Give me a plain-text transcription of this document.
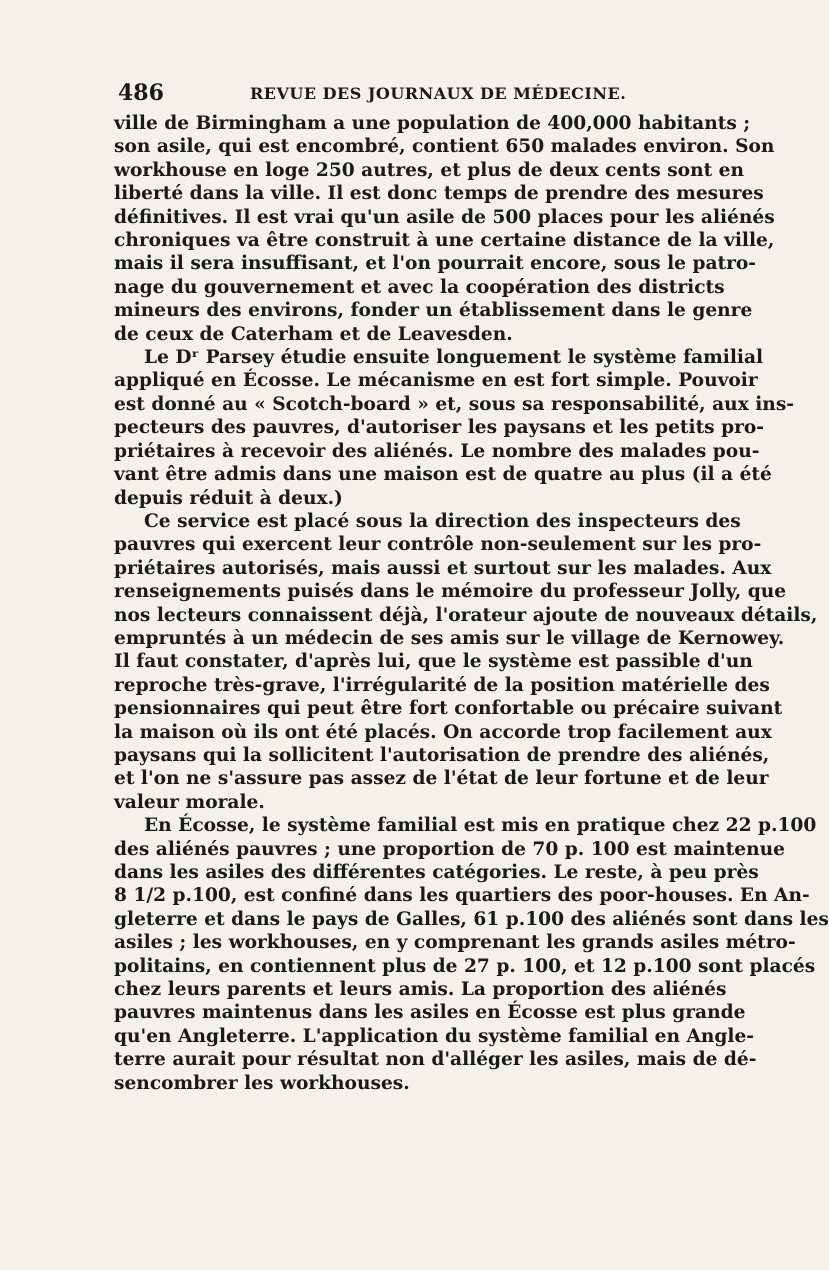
486	REVUE DES JOURNAUX DE MÉDECINE.

ville de Birmingham a une population de 400,000 habitants ;
son asile, qui est encombré, contient 650 malades environ. Son
workhouse en loge 250 autres, et plus de deux cents sont en
liberté dans la ville. Il est donc temps de prendre des mesures
définitives. Il est vrai qu'un asile de 500 places pour les aliénés
chroniques va être construit à une certaine distance de la ville,
mais il sera insuffisant, et l'on pourrait encore, sous le patro-
nage du gouvernement et avec la coopération des districts
mineurs des environs, fonder un établissement dans le genre
de ceux de Caterham et de Leavesden.

Le Dʳ Parsey étudie ensuite longuement le système familial
appliqué en Écosse. Le mécanisme en est fort simple. Pouvoir
est donné au « Scotch-board » et, sous sa responsabilité, aux ins-
pecteurs des pauvres, d'autoriser les paysans et les petits pro-
priétaires à recevoir des aliénés. Le nombre des malades pou-
vant être admis dans une maison est de quatre au plus (il a été
depuis réduit à deux.)

Ce service est placé sous la direction des inspecteurs des
pauvres qui exercent leur contrôle non-seulement sur les pro-
priétaires autorisés, mais aussi et surtout sur les malades. Aux
renseignements puisés dans le mémoire du professeur Jolly, que
nos lecteurs connaissent déjà, l'orateur ajoute de nouveaux détails,
empruntés à un médecin de ses amis sur le village de Kernowey.
Il faut constater, d'après lui, que le système est passible d'un
reproche très-grave, l'irrégularité de la position matérielle des
pensionnaires qui peut être fort confortable ou précaire suivant
la maison où ils ont été placés. On accorde trop facilement aux
paysans qui la sollicitent l'autorisation de prendre des aliénés,
et l'on ne s'assure pas assez de l'état de leur fortune et de leur
valeur morale.

En Écosse, le système familial est mis en pratique chez 22 p.100
des aliénés pauvres ; une proportion de 70 p. 100 est maintenue
dans les asiles des différentes catégories. Le reste, à peu près
8 1/2 p.100, est confiné dans les quartiers des poor-houses. En An-
gleterre et dans le pays de Galles, 61 p.100 des aliénés sont dans les
asiles ; les workhouses, en y comprenant les grands asiles métro-
politains, en contiennent plus de 27 p. 100, et 12 p.100 sont placés
chez leurs parents et leurs amis. La proportion des aliénés
pauvres maintenus dans les asiles en Écosse est plus grande
qu'en Angleterre. L'application du système familial en Angle-
terre aurait pour résultat non d'alléger les asiles, mais de dé-
sencombrer les workhouses.
